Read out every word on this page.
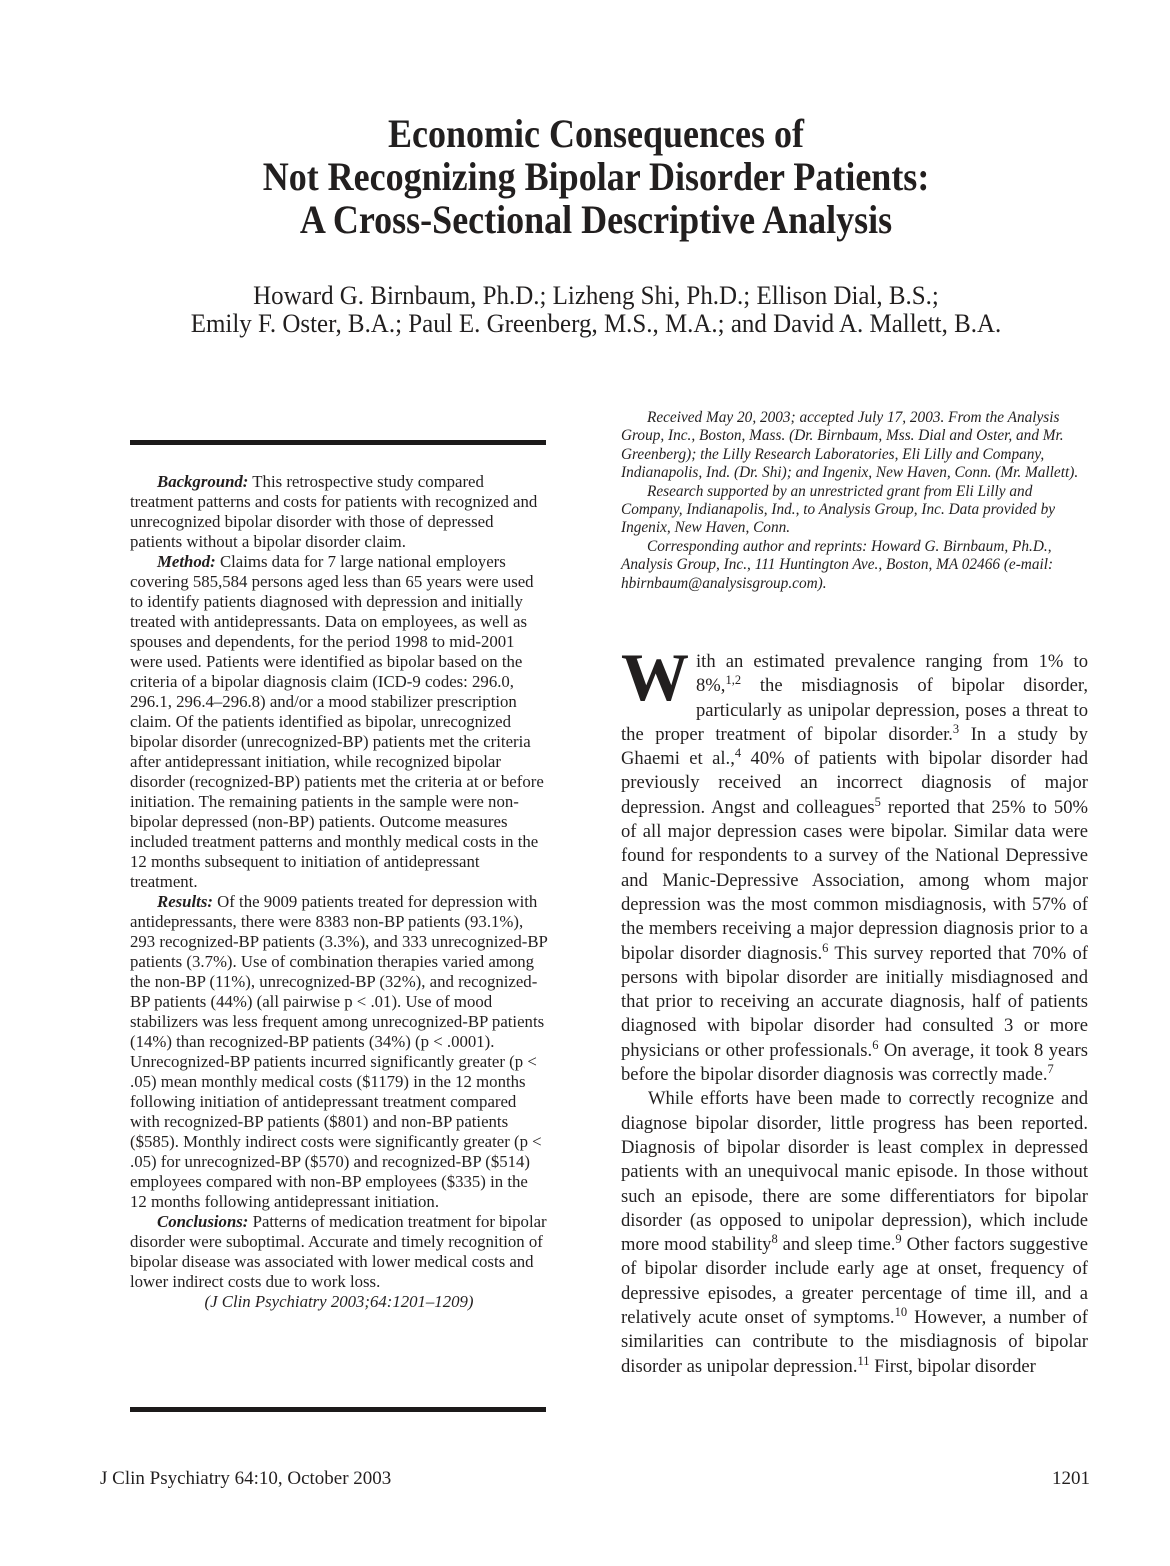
Economic Consequences of
Not Recognizing Bipolar Disorder Patients:
A Cross-Sectional Descriptive Analysis
Howard G. Birnbaum, Ph.D.; Lizheng Shi, Ph.D.; Ellison Dial, B.S.;
Emily F. Oster, B.A.; Paul E. Greenberg, M.S., M.A.; and David A. Mallett, B.A.

Background: This retrospective study compared treatment patterns and costs for patients with recognized and unrecognized bipolar disorder with those of depressed patients without a bipolar disorder claim.

Method: Claims data for 7 large national employers covering 585,584 persons aged less than 65 years were used to identify patients diagnosed with depression and initially treated with antidepressants. Data on employees, as well as spouses and dependents, for the period 1998 to mid-2001 were used. Patients were identified as bipolar based on the criteria of a bipolar diagnosis claim (ICD-9 codes: 296.0, 296.1, 296.4–296.8) and/or a mood stabilizer prescription claim. Of the patients identified as bipolar, unrecognized bipolar disorder (unrecognized-BP) patients met the criteria after antidepressant initiation, while recognized bipolar disorder (recognized-BP) patients met the criteria at or before initiation. The remaining patients in the sample were non-bipolar depressed (non-BP) patients. Outcome measures included treatment patterns and monthly medical costs in the 12 months subsequent to initiation of antidepressant treatment.

Results: Of the 9009 patients treated for depression with antidepressants, there were 8383 non-BP patients (93.1%), 293 recognized-BP patients (3.3%), and 333 unrecognized-BP patients (3.7%). Use of combination therapies varied among the non-BP (11%), unrecognized-BP (32%), and recognized-BP patients (44%) (all pairwise p < .01). Use of mood stabilizers was less frequent among unrecognized-BP patients (14%) than recognized-BP patients (34%) (p < .0001). Unrecognized-BP patients incurred significantly greater (p < .05) mean monthly medical costs ($1179) in the 12 months following initiation of antidepressant treatment compared with recognized-BP patients ($801) and non-BP patients ($585). Monthly indirect costs were significantly greater (p < .05) for unrecognized-BP ($570) and recognized-BP ($514) employees compared with non-BP employees ($335) in the 12 months following antidepressant initiation.

Conclusions: Patterns of medication treatment for bipolar disorder were suboptimal. Accurate and timely recognition of bipolar disease was associated with lower medical costs and lower indirect costs due to work loss.

(J Clin Psychiatry 2003;64:1201–1209)

Received May 20, 2003; accepted July 17, 2003. From the Analysis Group, Inc., Boston, Mass. (Dr. Birnbaum, Mss. Dial and Oster, and Mr. Greenberg); the Lilly Research Laboratories, Eli Lilly and Company, Indianapolis, Ind. (Dr. Shi); and Ingenix, New Haven, Conn. (Mr. Mallett).

Research supported by an unrestricted grant from Eli Lilly and Company, Indianapolis, Ind., to Analysis Group, Inc. Data provided by Ingenix, New Haven, Conn.

Corresponding author and reprints: Howard G. Birnbaum, Ph.D., Analysis Group, Inc., 111 Huntington Ave., Boston, MA 02466 (e-mail: hbirnbaum@analysisgroup.com).

With an estimated prevalence ranging from 1% to 8%,$^{1,2}$ the misdiagnosis of bipolar disorder, particularly as unipolar depression, poses a threat to the proper treatment of bipolar disorder.$^3$ In a study by Ghaemi et al.,$^4$ 40% of patients with bipolar disorder had previously received an incorrect diagnosis of major depression. Angst and colleagues$^5$ reported that 25% to 50% of all major depression cases were bipolar. Similar data were found for respondents to a survey of the National Depressive and Manic-Depressive Association, among whom major depression was the most common misdiagnosis, with 57% of the members receiving a major depression diagnosis prior to a bipolar disorder diagnosis.$^6$ This survey reported that 70% of persons with bipolar disorder are initially misdiagnosed and that prior to receiving an accurate diagnosis, half of patients diagnosed with bipolar disorder had consulted 3 or more physicians or other professionals.$^6$ On average, it took 8 years before the bipolar disorder diagnosis was correctly made.$^7$

While efforts have been made to correctly recognize and diagnose bipolar disorder, little progress has been reported. Diagnosis of bipolar disorder is least complex in depressed patients with an unequivocal manic episode. In those without such an episode, there are some differentiators for bipolar disorder (as opposed to unipolar depression), which include more mood stability$^8$ and sleep time.$^9$ Other factors suggestive of bipolar disorder include early age at onset, frequency of depressive episodes, a greater percentage of time ill, and a relatively acute onset of symptoms.$^{10}$ However, a number of similarities can contribute to the misdiagnosis of bipolar disorder as unipolar depression.$^{11}$ First, bipolar disorder

J Clin Psychiatry 64:10, October 2003	1201
